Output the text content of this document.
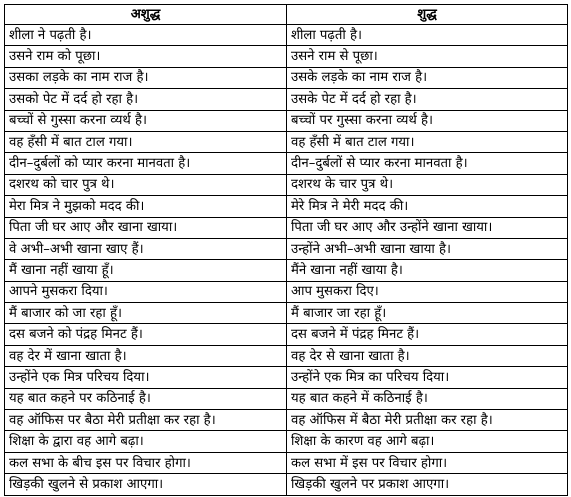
अशुद्ध	शुद्ध
शीला ने पढ़ती है।	शीला पढ़ती है।
उसने राम को पूछा।	उसने राम से पूछा।
उसका लड़के का नाम राज है।	उसके लड़के का नाम राज है।
उसको पेट में दर्द हो रहा है।	उसके पेट में दर्द हो रहा है।
बच्चों से गुस्सा करना व्यर्थ है।	बच्चों पर गुस्सा करना व्यर्थ है।
वह हँसी में बात टाल गया।	वह हँसी में बात टाल गया।
दीन–दुर्बलों को प्यार करना मानवता है।	दीन–दुर्बलों से प्यार करना मानवता है।
दशरथ को चार पुत्र थे।	दशरथ के चार पुत्र थे।
मेरा मित्र ने मुझको मदद की।	मेरे मित्र ने मेरी मदद की।
पिता जी घर आए और खाना खाया।	पिता जी घर आए और उन्होंने खाना खाया।
वे अभी–अभी खाना खाए हैं।	उन्होंने अभी–अभी खाना खाया है।
मैं खाना नहीं खाया हूँ।	मैंने खाना नहीं खाया है।
आपने मुसकरा दिया।	आप मुसकरा दिए।
मैं बाजार को जा रहा हूँ।	मैं बाजार जा रहा हूँ।
दस बजने को पंद्रह मिनट हैं।	दस बजने में पंद्रह मिनट हैं।
वह देर में खाना खाता है।	वह देर से खाना खाता है।
उन्होंने एक मित्र परिचय दिया।	उन्होंने एक मित्र का परिचय दिया।
यह बात कहने पर कठिनाई है।	यह बात कहने में कठिनाई है।
वह ऑफिस पर बैठा मेरी प्रतीक्षा कर रहा है।	वह ऑफिस में बैठा मेरी प्रतीक्षा कर रहा है।
शिक्षा के द्वारा वह आगे बढ़ा।	शिक्षा के कारण वह आगे बढ़ा।
कल सभा के बीच इस पर विचार होगा।	कल सभा में इस पर विचार होगा।
खिड़की खुलने से प्रकाश आएगा।	खिड़की खुलने पर प्रकाश आएगा।
